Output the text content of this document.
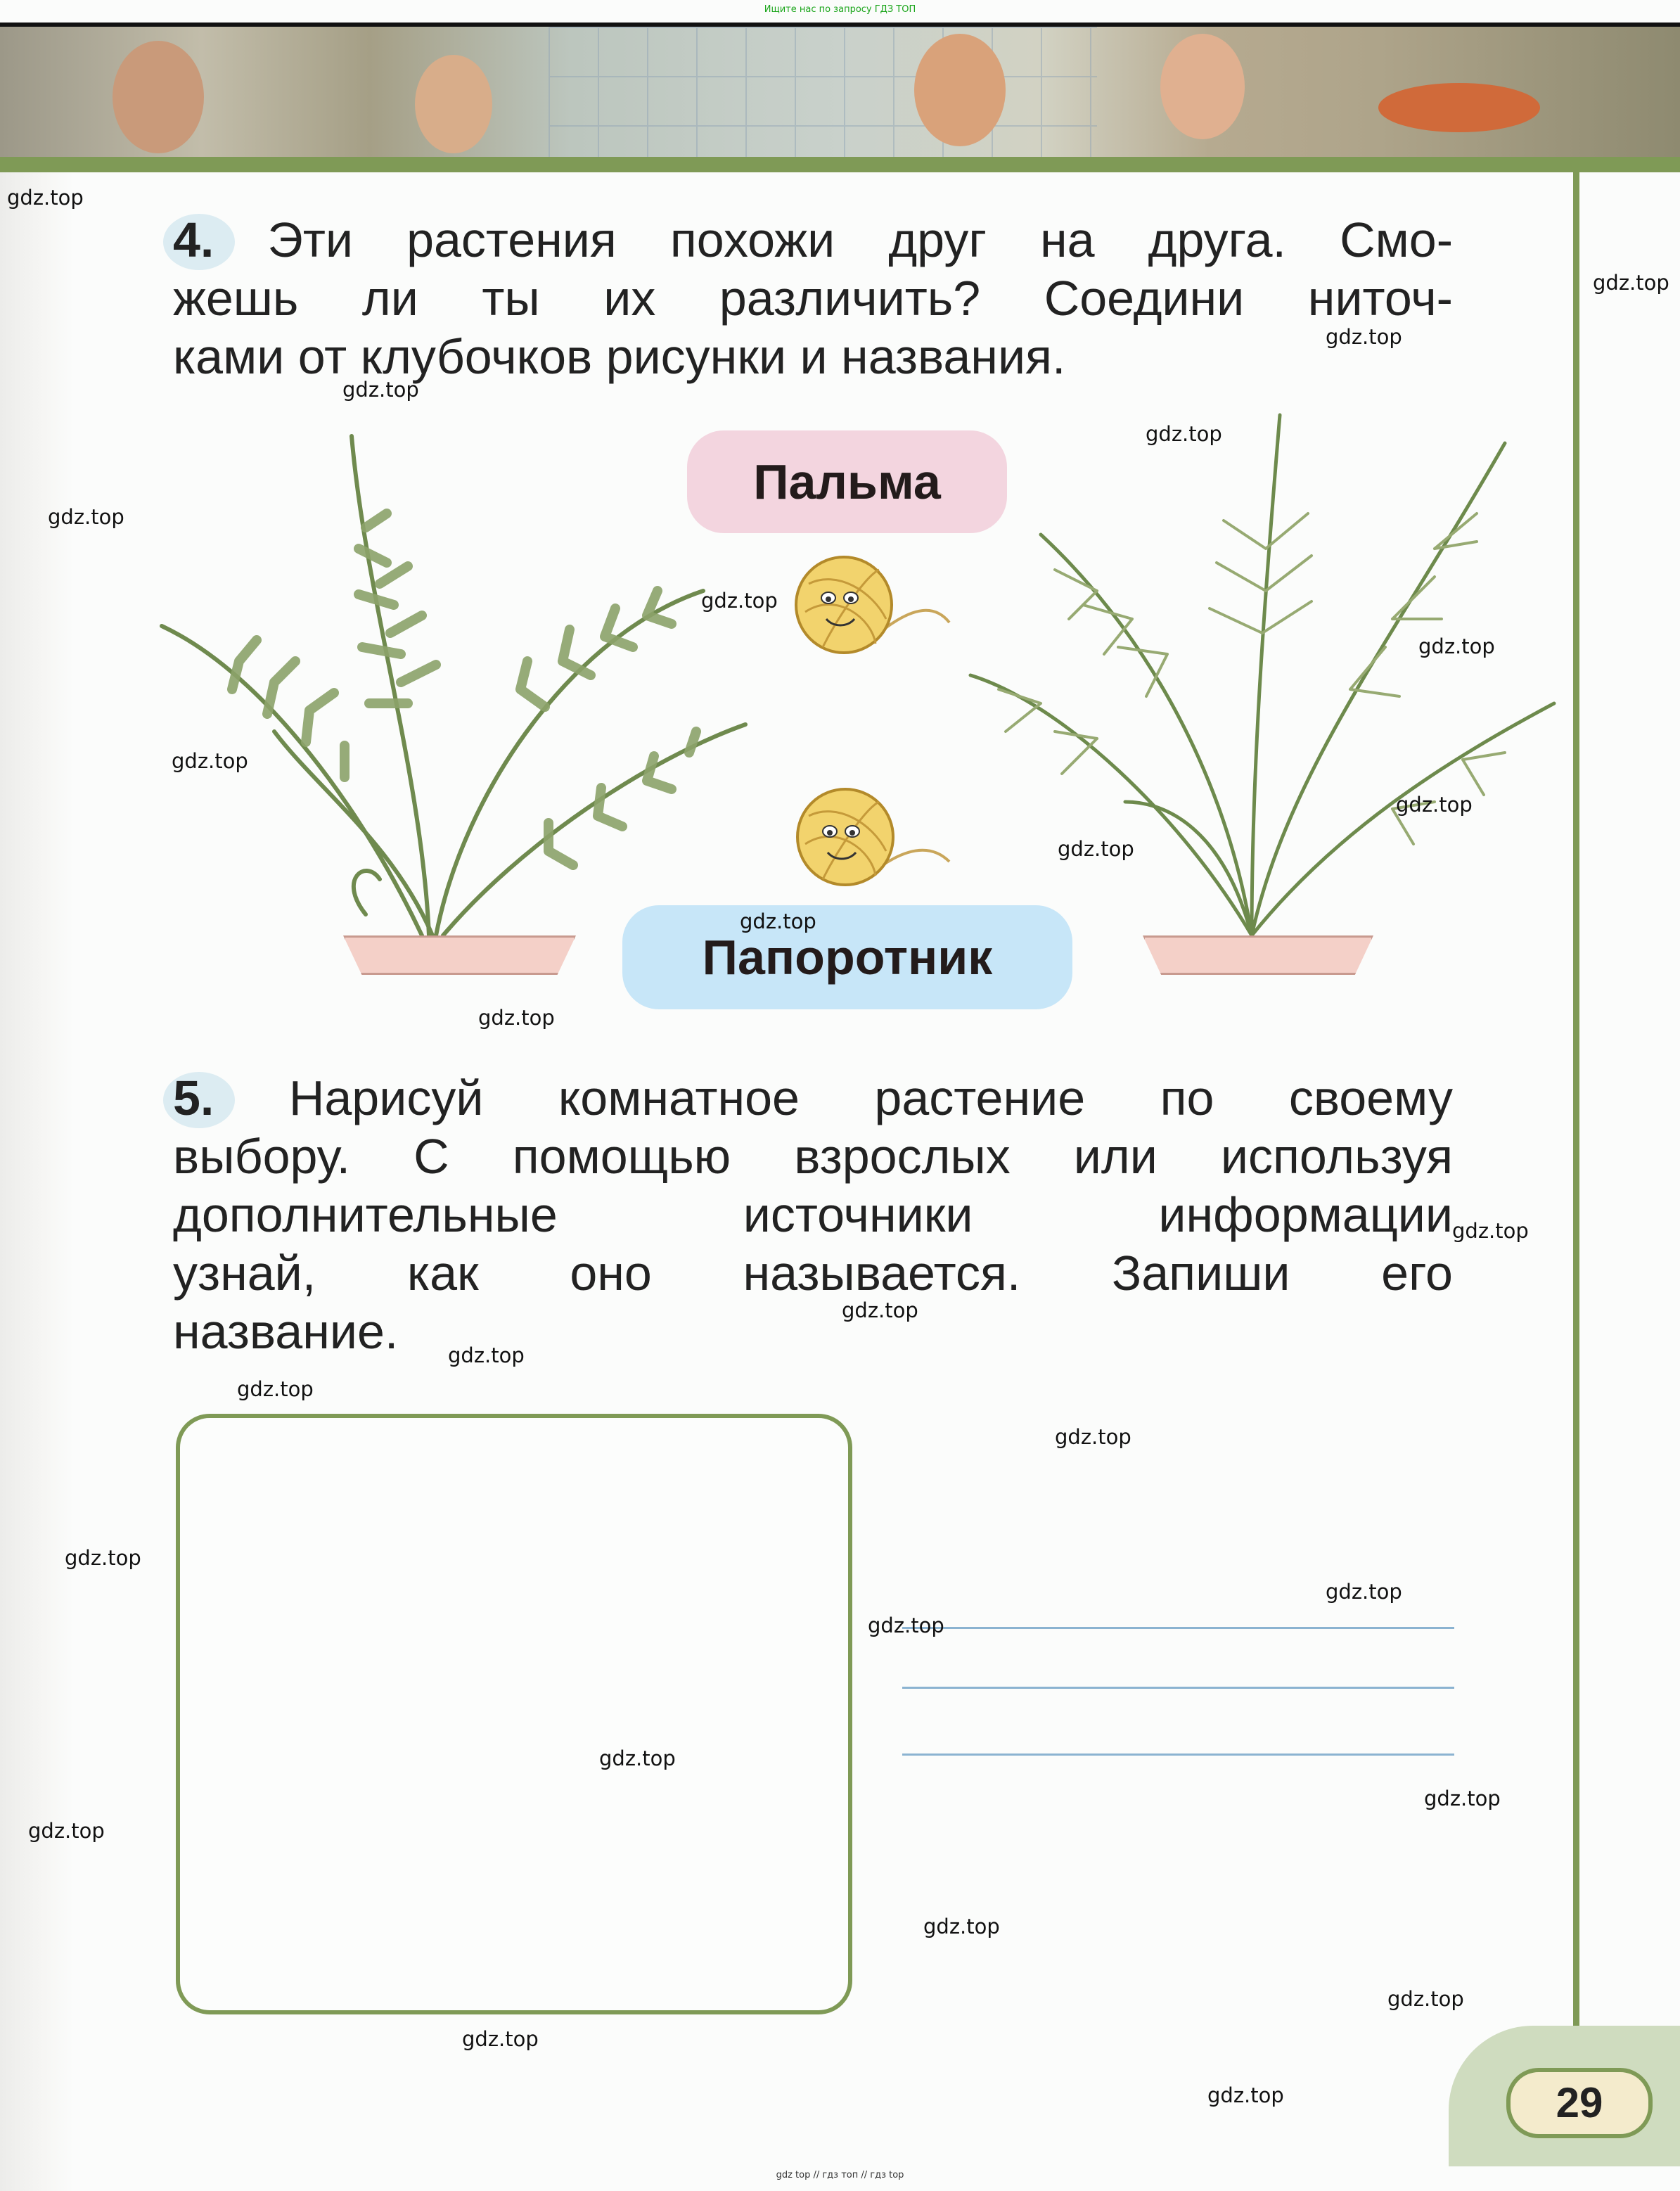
Ищите нас по запросу ГДЗ ТОП
4. Эти растения похожи друг на друга. Смо-
жешь ли ты их различить? Соедини ниточ-
ками от клубочков рисунки и названия.
Пальма
Папоротник
5. Нарисуй комнатное растение по своему
выбору. С помощью взрослых или используя
дополнительные источники информации
узнай, как оно называется. Запиши его
название.
29
gdz.top
gdz.top
gdz.top
gdz.top
gdz.top
gdz.top
gdz.top
gdz.top
gdz.top
gdz.top
gdz.top
gdz.top
gdz.top
gdz.top
gdz.top
gdz.top
gdz.top
gdz.top
gdz.top
gdz.top
gdz.top
gdz.top
gdz.top
gdz.top
gdz.top
gdz.top
gdz.top
gdz.top
gdz top // гдз топ // гдз top
